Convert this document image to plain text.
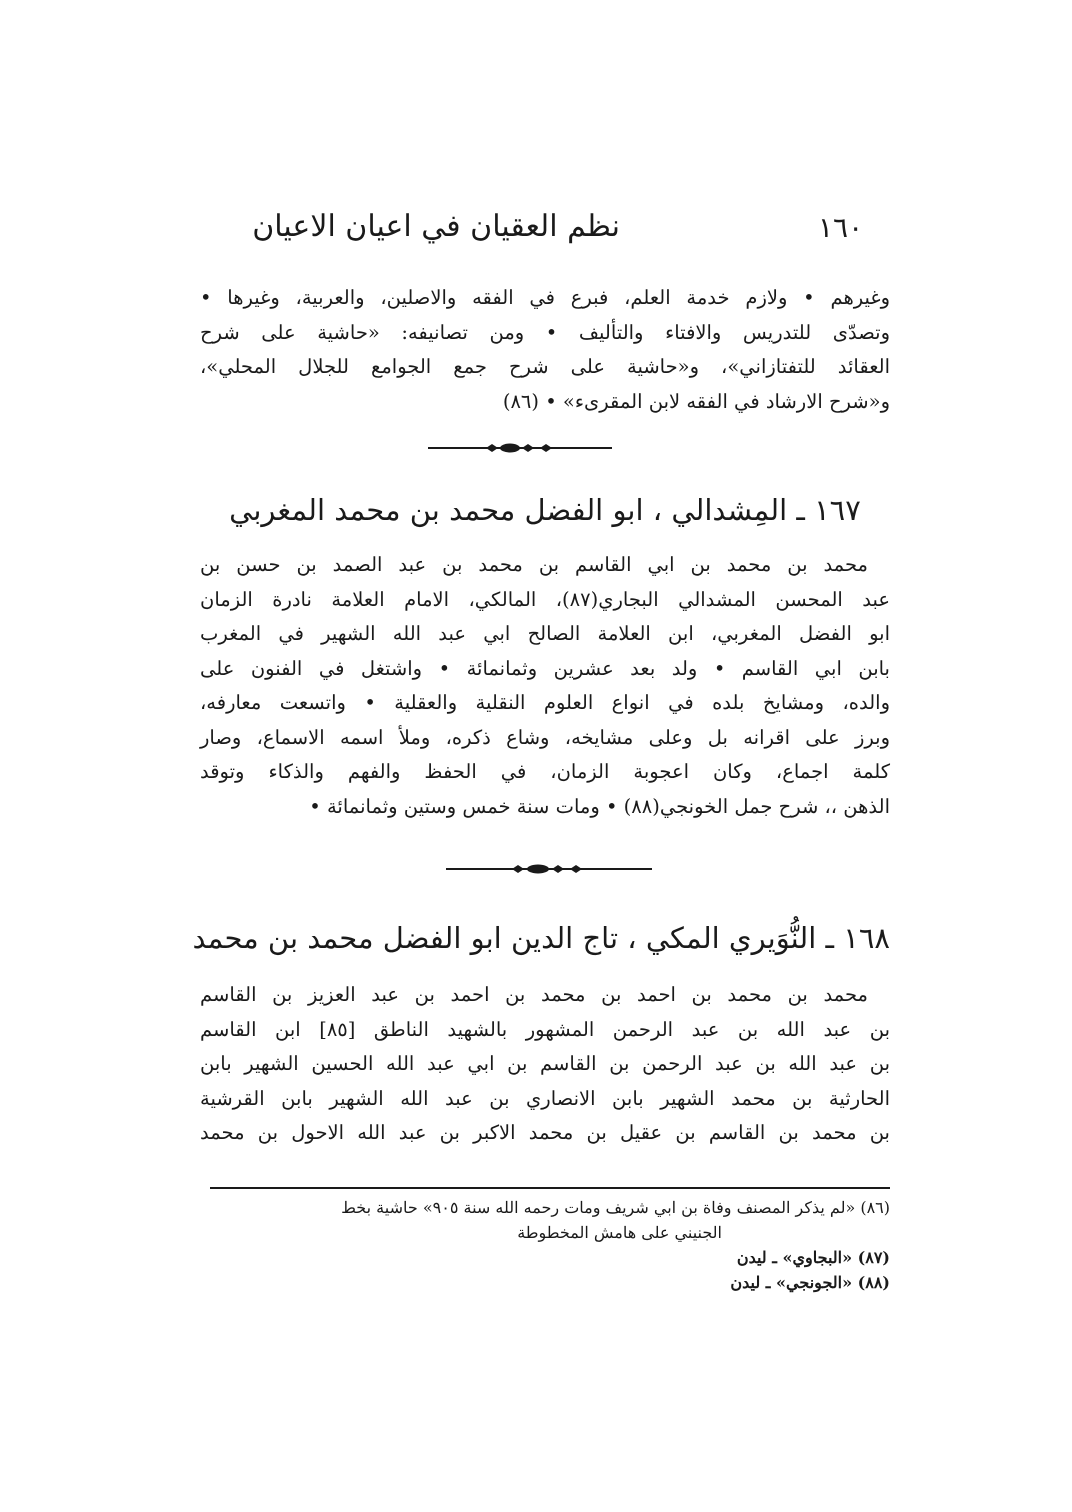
١٦٠
نظم العقيان في اعيان الاعيان

وغيرهم • ولازم خدمة العلم، فبرع في الفقه والاصلين، والعربية، وغيرها •
وتصدّى للتدريس والافتاء والتأليف • ومن تصانيفه: «حاشية على شرح
العقائد للتفتازاني»، و«حاشية على شرح جمع الجوامع للجلال المحلي»،
و«شرح الارشاد في الفقه لابن المقرىء» • (٨٦)

١٦٧ ـ المِشدالي ، ابو الفضل محمد بن محمد المغربي

محمد بن محمد بن ابي القاسم بن محمد بن عبد الصمد بن حسن بن
عبد المحسن المشدالي البجاري(٨٧)، المالكي، الامام العلامة نادرة الزمان
ابو الفضل المغربي، ابن العلامة الصالح ابي عبد الله الشهير في المغرب
بابن ابي القاسم • ولد بعد عشرين وثمانمائة • واشتغل في الفنون على
والده، ومشايخ بلده في انواع العلوم النقلية والعقلية • واتسعت معارفه،
وبرز على اقرانه بل وعلى مشايخه، وشاع ذكره، وملأ اسمه الاسماع، وصار
كلمة اجماع، وكان اعجوبة الزمان، في الحفظ والفهم والذكاء وتوقد
الذهن ،، شرح جمل الخونجي(٨٨) • ومات سنة خمس وستين وثمانمائة •

١٦٨ ـ النُّوَيري المكي ، تاج الدين ابو الفضل محمد بن محمد

محمد بن محمد بن احمد بن محمد بن احمد بن عبد العزيز بن القاسم
بن عبد الله بن عبد الرحمن المشهور بالشهيد الناطق [٨٥] ابن القاسم
بن عبد الله بن عبد الرحمن بن القاسم بن ابي عبد الله الحسين الشهير بابن
الحارثية بن محمد الشهير بابن الانصاري بن عبد الله الشهير بابن القرشية
بن محمد بن القاسم بن عقيل بن محمد الاكبر بن عبد الله الاحول بن محمد

(٨٦) «لم يذكر المصنف وفاة بن ابي شريف ومات رحمه الله سنة ٩٠٥» حاشية بخط
الجنيني على هامش المخطوطة
(٨٧) «البجاوي» ـ ليدن
(٨٨) «الجونجي» ـ ليدن
